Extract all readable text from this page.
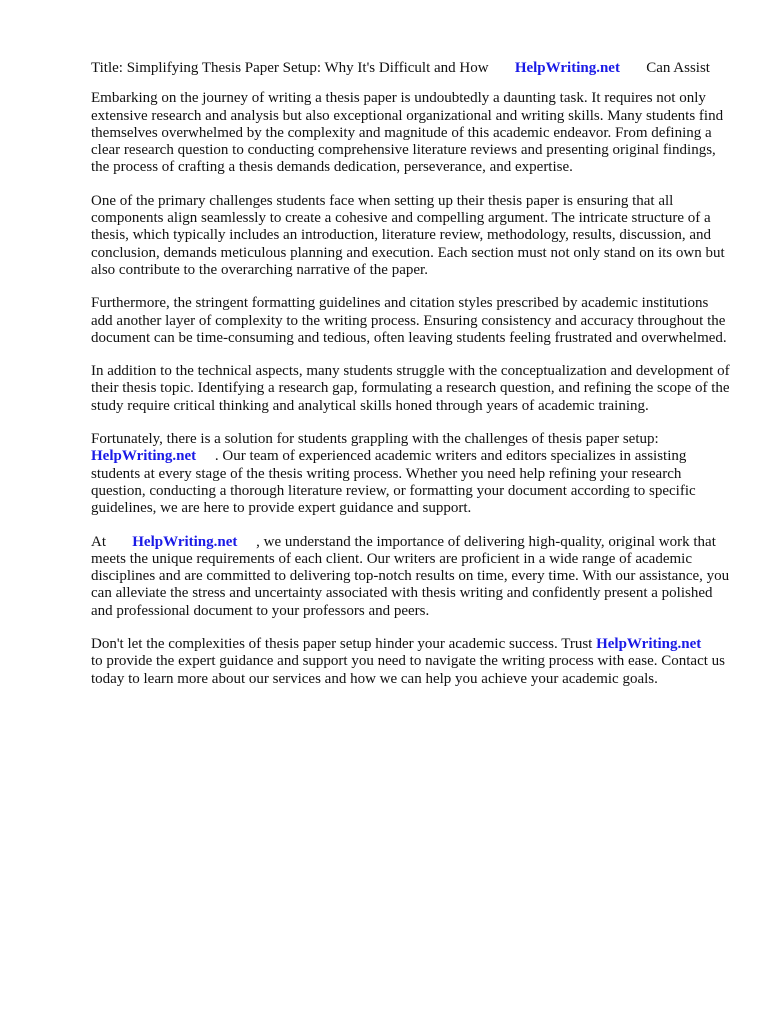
Title: Simplifying Thesis Paper Setup: Why It's Difficult and How       HelpWriting.net       Can Assist

Embarking on the journey of writing a thesis paper is undoubtedly a daunting task. It requires not only extensive research and analysis but also exceptional organizational and writing skills. Many students find themselves overwhelmed by the complexity and magnitude of this academic endeavor. From defining a clear research question to conducting comprehensive literature reviews and presenting original findings, the process of crafting a thesis demands dedication, perseverance, and expertise.

One of the primary challenges students face when setting up their thesis paper is ensuring that all components align seamlessly to create a cohesive and compelling argument. The intricate structure of a thesis, which typically includes an introduction, literature review, methodology, results, discussion, and conclusion, demands meticulous planning and execution. Each section must not only stand on its own but also contribute to the overarching narrative of the paper.

Furthermore, the stringent formatting guidelines and citation styles prescribed by academic institutions add another layer of complexity to the writing process. Ensuring consistency and accuracy throughout the document can be time-consuming and tedious, often leaving students feeling frustrated and overwhelmed.

In addition to the technical aspects, many students struggle with the conceptualization and development of their thesis topic. Identifying a research gap, formulating a research question, and refining the scope of the study require critical thinking and analytical skills honed through years of academic training.

Fortunately, there is a solution for students grappling with the challenges of thesis paper setup: HelpWriting.net     . Our team of experienced academic writers and editors specializes in assisting students at every stage of the thesis writing process. Whether you need help refining your research question, conducting a thorough literature review, or formatting your document according to specific guidelines, we are here to provide expert guidance and support.

At       HelpWriting.net     , we understand the importance of delivering high-quality, original work that meets the unique requirements of each client. Our writers are proficient in a wide range of academic disciplines and are committed to delivering top-notch results on time, every time. With our assistance, you can alleviate the stress and uncertainty associated with thesis writing and confidently present a polished and professional document to your professors and peers.

Don't let the complexities of thesis paper setup hinder your academic success. Trust HelpWriting.net       to provide the expert guidance and support you need to navigate the writing process with ease. Contact us today to learn more about our services and how we can help you achieve your academic goals.
